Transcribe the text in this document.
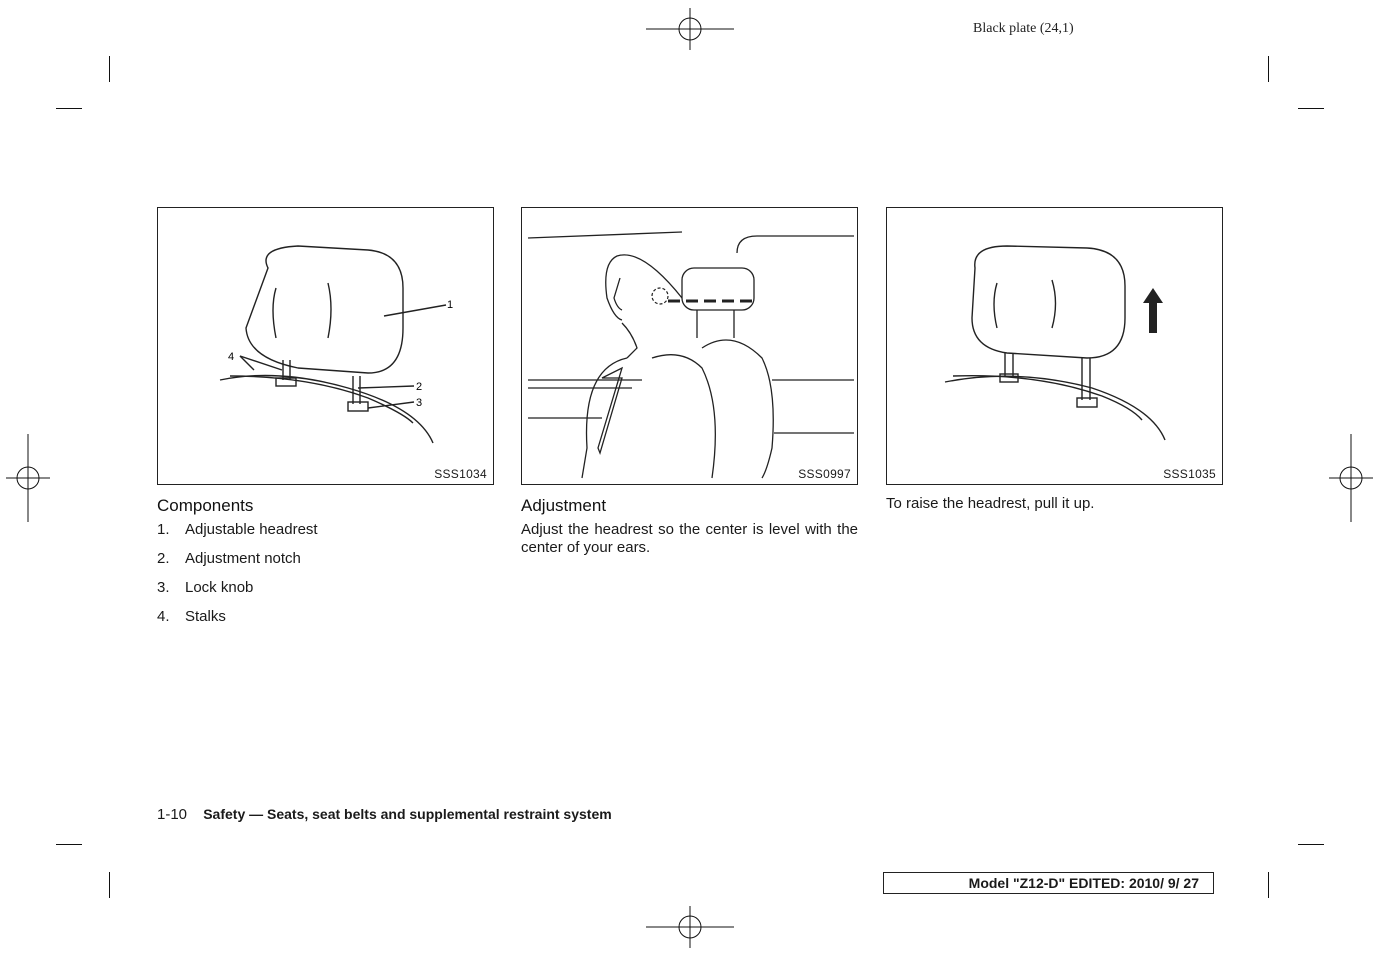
Black plate (24,1)
1
2
3
4
SSS1034	SSS0997	SSS1035
Components
1. Adjustable headrest
2. Adjustment notch
3. Lock knob
4. Stalks
Adjustment
Adjust the headrest so the center is level with the center of your ears.
To raise the headrest, pull it up.
1-10 Safety — Seats, seat belts and supplemental restraint system
Model "Z12-D" EDITED: 2010/ 9/ 27
